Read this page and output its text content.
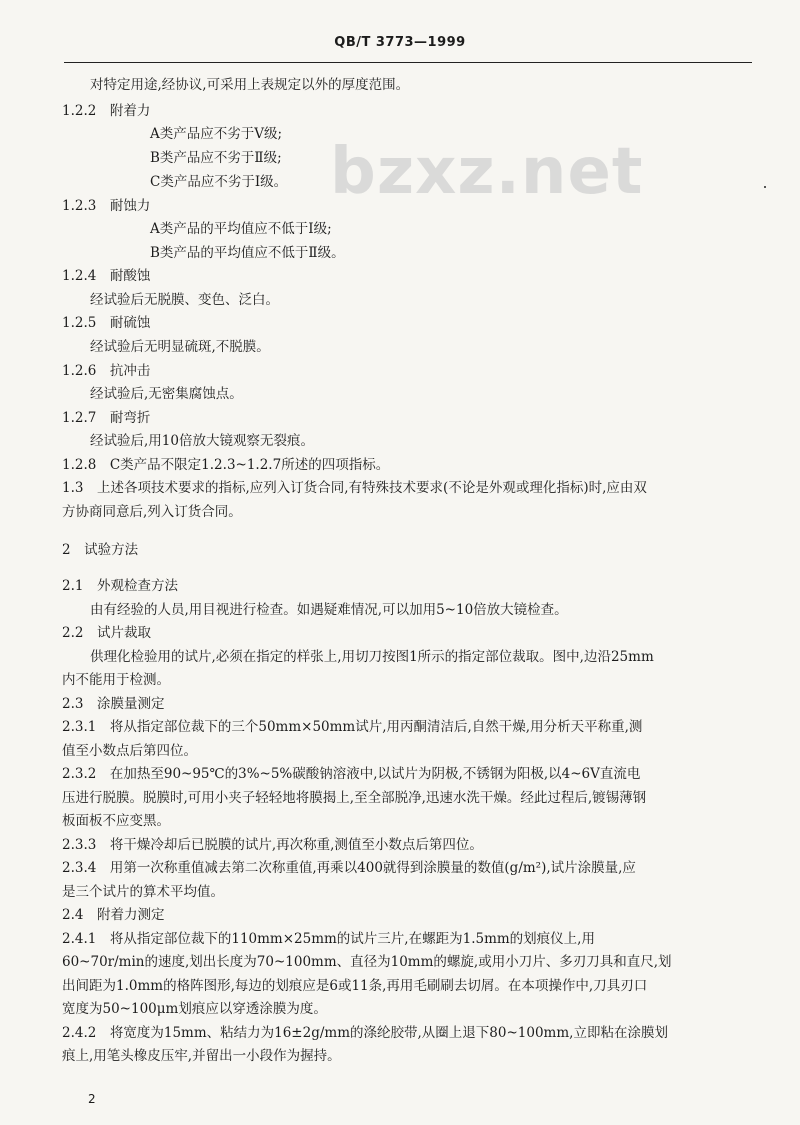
QB/T 3773—1999
bzxz.net
对特定用途,经协议,可采用上表规定以外的厚度范围。
1.2.2　附着力
A类产品应不劣于Ⅴ级;
B类产品应不劣于Ⅱ级;
C类产品应不劣于Ⅰ级。
1.2.3　耐蚀力
A类产品的平均值应不低于Ⅰ级;
B类产品的平均值应不低于Ⅱ级。
1.2.4　耐酸蚀
经试验后无脱膜、变色、泛白。
1.2.5　耐硫蚀
经试验后无明显硫斑,不脱膜。
1.2.6　抗冲击
经试验后,无密集腐蚀点。
1.2.7　耐弯折
经试验后,用10倍放大镜观察无裂痕。
1.2.8　C类产品不限定1.2.3~1.2.7所述的四项指标。
1.3　上述各项技术要求的指标,应列入订货合同,有特殊技术要求(不论是外观或理化指标)时,应由双
方协商同意后,列入订货合同。
2　试验方法
2.1　外观检查方法
由有经验的人员,用目视进行检查。如遇疑难情况,可以加用5~10倍放大镜检查。
2.2　试片裁取
供理化检验用的试片,必须在指定的样张上,用切刀按图1所示的指定部位裁取。图中,边沿25mm
内不能用于检测。
2.3　涂膜量测定
2.3.1　将从指定部位裁下的三个50mm×50mm试片,用丙酮清洁后,自然干燥,用分析天平称重,测
值至小数点后第四位。
2.3.2　在加热至90~95℃的3%~5%碳酸钠溶液中,以试片为阴极,不锈钢为阳极,以4~6V直流电
压进行脱膜。脱膜时,可用小夹子轻轻地将膜揭上,至全部脱净,迅速水洗干燥。经此过程后,镀锡薄钢
板面板不应变黑。
2.3.3　将干燥冷却后已脱膜的试片,再次称重,测值至小数点后第四位。
2.3.4　用第一次称重值减去第二次称重值,再乘以400就得到涂膜量的数值(g/m²),试片涂膜量,应
是三个试片的算术平均值。
2.4　附着力测定
2.4.1　将从指定部位裁下的110mm×25mm的试片三片,在螺距为1.5mm的划痕仪上,用
60~70r/min的速度,划出长度为70~100mm、直径为10mm的螺旋,或用小刀片、多刃刀具和直尺,划
出间距为1.0mm的格阵图形,每边的划痕应是6或11条,再用毛刷刷去切屑。在本项操作中,刀具刃口
宽度为50~100μm划痕应以穿透涂膜为度。
2.4.2　将宽度为15mm、粘结力为16±2g/mm的涤纶胶带,从圈上退下80~100mm,立即粘在涂膜划
痕上,用笔头橡皮压牢,并留出一小段作为握持。
2
